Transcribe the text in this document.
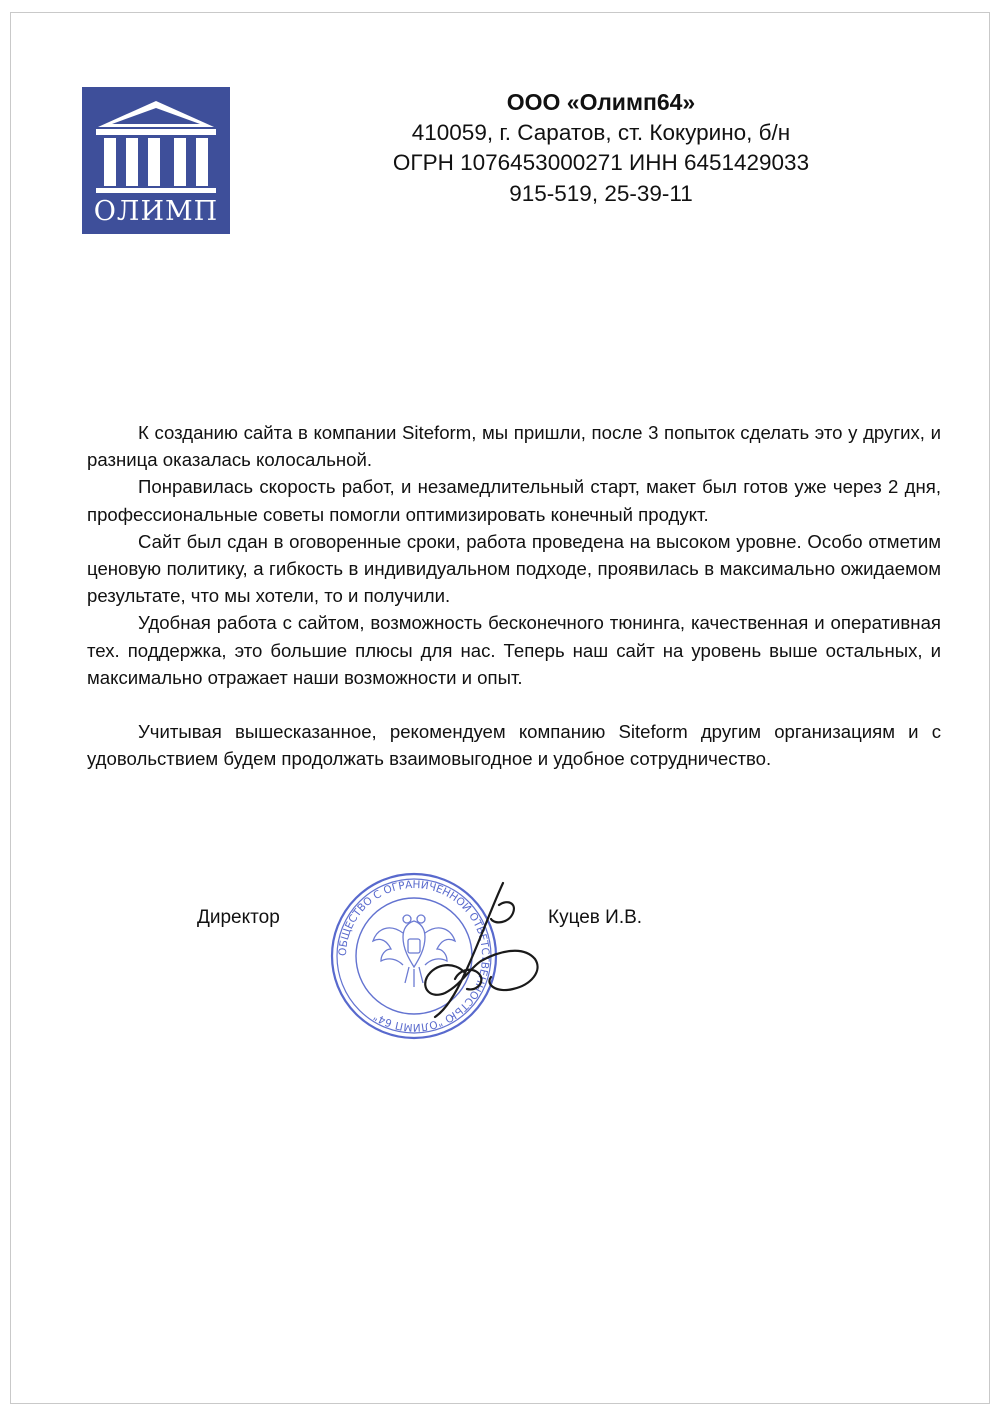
ОЛИМП
ООО «Олимп64»
410059, г. Саратов, ст. Кокурино, б/н
ОГРН 1076453000271 ИНН 6451429033
915-519, 25-39-11

К созданию сайта в компании Siteform, мы пришли, после 3 попыток сделать это у других, и разница оказалась колосальной.

Понравилась скорость работ, и незамедлительный старт, макет был готов уже через 2 дня, профессиональные советы помогли оптимизировать конечный продукт.

Сайт был сдан в оговоренные сроки, работа проведена на высоком уровне. Особо отметим ценовую политику, а гибкость в индивидуальном подходе, проявилась в максимально ожидаемом результате, что мы хотели, то и получили.

Удобная работа с сайтом, возможность бесконечного тюнинга, качественная и оперативная тех. поддержка, это большие плюсы для нас. Теперь наш сайт на уровень выше остальных, и максимально отражает наши возможности и опыт.

Учитывая вышесказанное, рекомендуем компанию Siteform другим организациям и с удовольствием будем продолжать взаимовыгодное и удобное сотрудничество.

Директор	Куцев И.В.
ОБЩЕСТВО С ОГРАНИЧЕННОЙ ОТВЕТСТВЕННОСТЬЮ "ОЛИМП 64"
